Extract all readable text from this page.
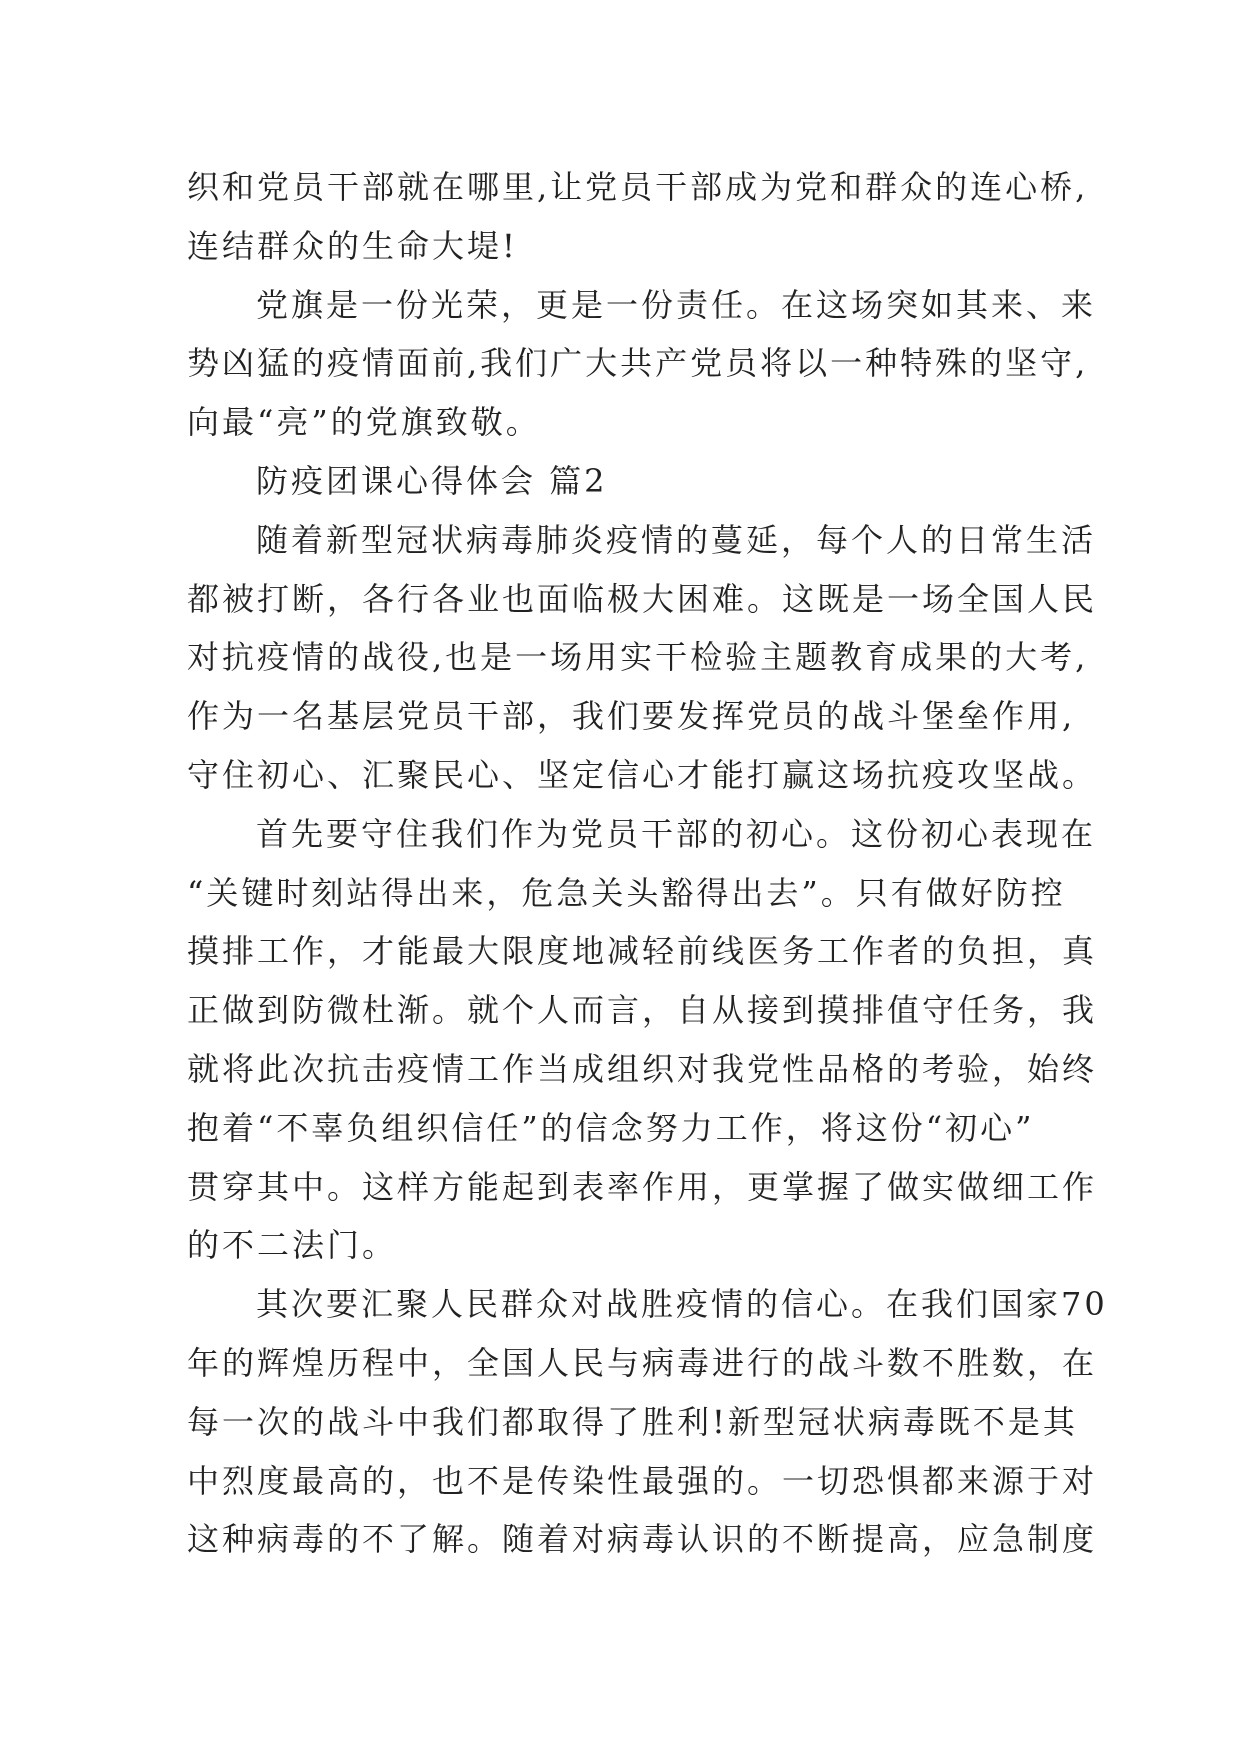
织和党员干部就在哪里,让党员干部成为党和群众的连心桥,
连结群众的生命大堤!
党旗是一份光荣，更是一份责任。在这场突如其来、来
势凶猛的疫情面前,我们广大共产党员将以一种特殊的坚守,
向最“亮”的党旗致敬。
防疫团课心得体会 篇2
随着新型冠状病毒肺炎疫情的蔓延，每个人的日常生活
都被打断，各行各业也面临极大困难。这既是一场全国人民
对抗疫情的战役,也是一场用实干检验主题教育成果的大考,
作为一名基层党员干部，我们要发挥党员的战斗堡垒作用,
守住初心、汇聚民心、坚定信心才能打赢这场抗疫攻坚战。
首先要守住我们作为党员干部的初心。这份初心表现在
“关键时刻站得出来，危急关头豁得出去”。只有做好防控
摸排工作，才能最大限度地减轻前线医务工作者的负担，真
正做到防微杜渐。就个人而言，自从接到摸排值守任务，我
就将此次抗击疫情工作当成组织对我党性品格的考验，始终
抱着“不辜负组织信任”的信念努力工作，将这份“初心”
贯穿其中。这样方能起到表率作用，更掌握了做实做细工作
的不二法门。
其次要汇聚人民群众对战胜疫情的信心。在我们国家70
年的辉煌历程中，全国人民与病毒进行的战斗数不胜数，在
每一次的战斗中我们都取得了胜利!新型冠状病毒既不是其
中烈度最高的，也不是传染性最强的。一切恐惧都来源于对
这种病毒的不了解。随着对病毒认识的不断提高，应急制度
